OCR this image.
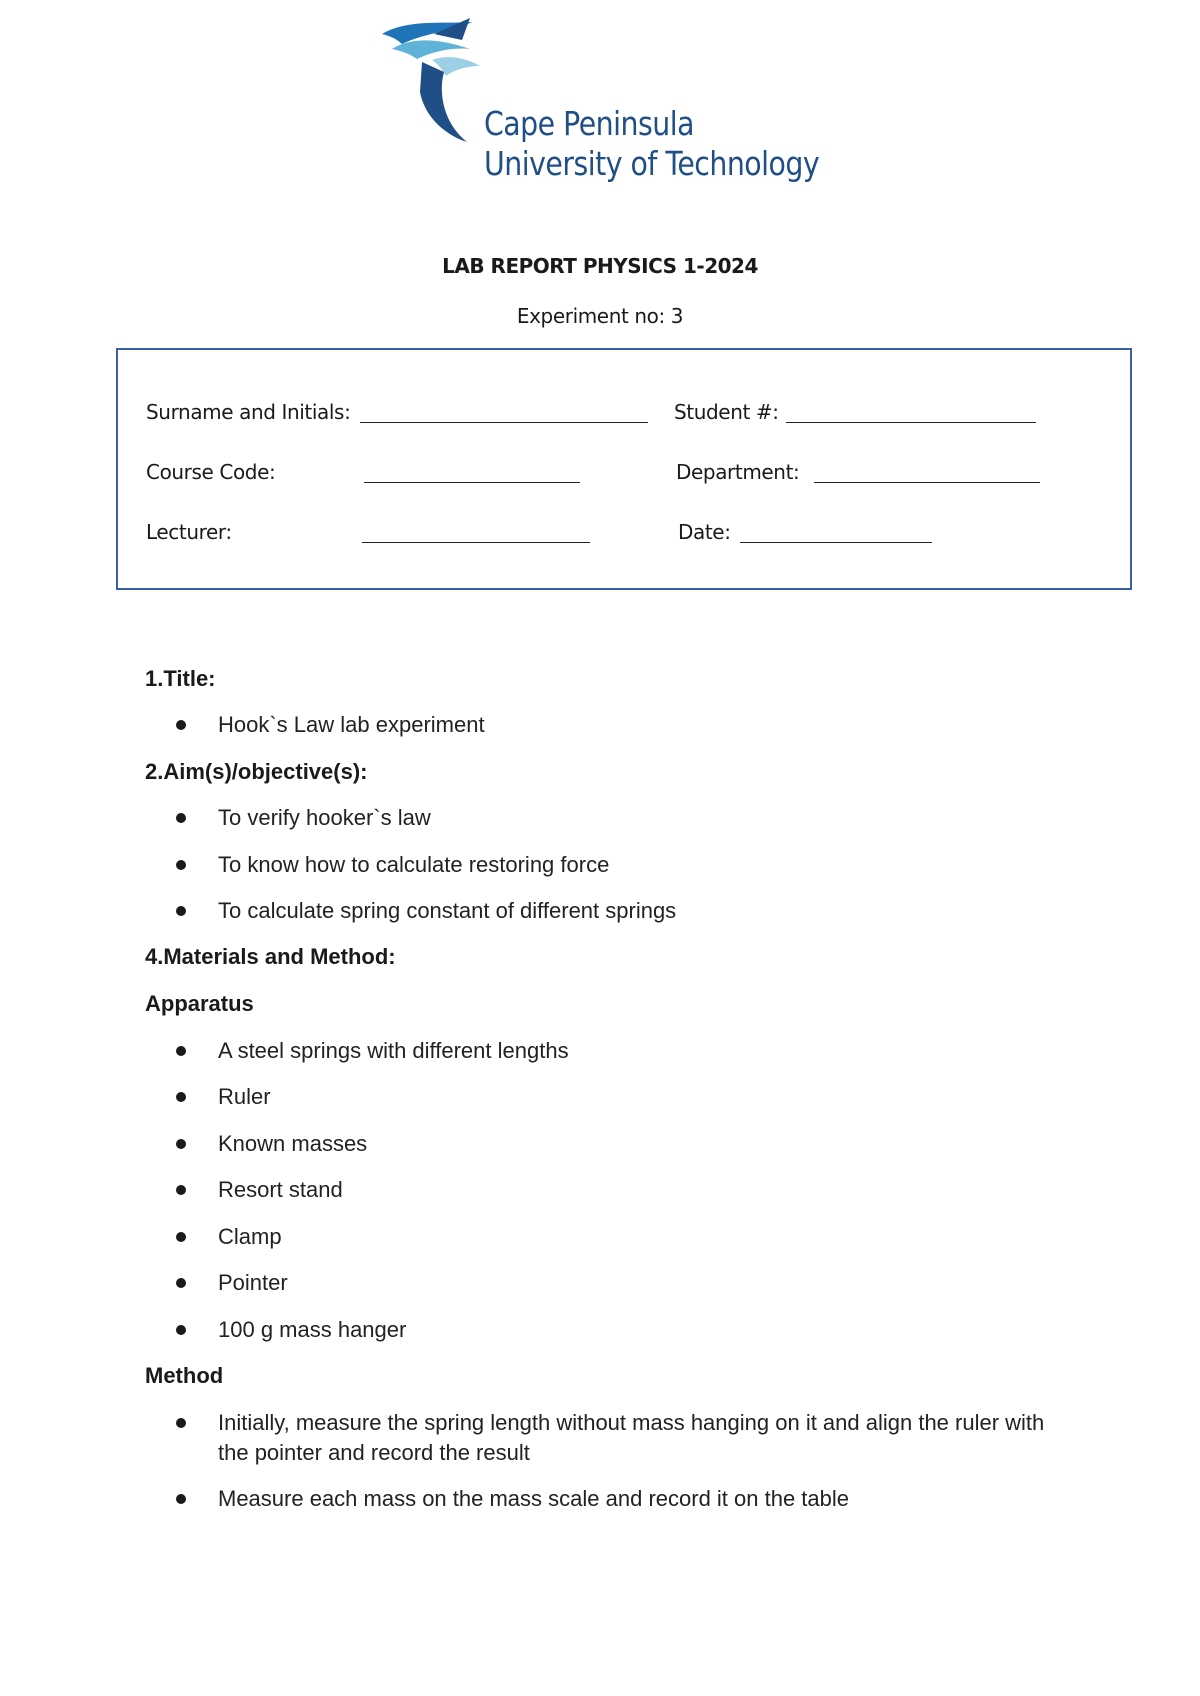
Cape Peninsula
University of Technology
LAB REPORT PHYSICS 1-2024
Experiment no: 3
Surname and Initials:	Student #:
Course Code:	Department:
Lecturer:	Date:
1.Title:
Hook`s Law lab experiment
2.Aim(s)/objective(s):
To verify hooker`s law
To know how to calculate restoring force
To calculate spring constant of different springs
4.Materials and Method:
Apparatus
A steel springs with different lengths
Ruler
Known masses
Resort stand
Clamp
Pointer
100 g mass hanger
Method
Initially, measure the spring length without mass hanging on it and align the ruler with the pointer and record the result
Measure each mass on the mass scale and record it on the table
